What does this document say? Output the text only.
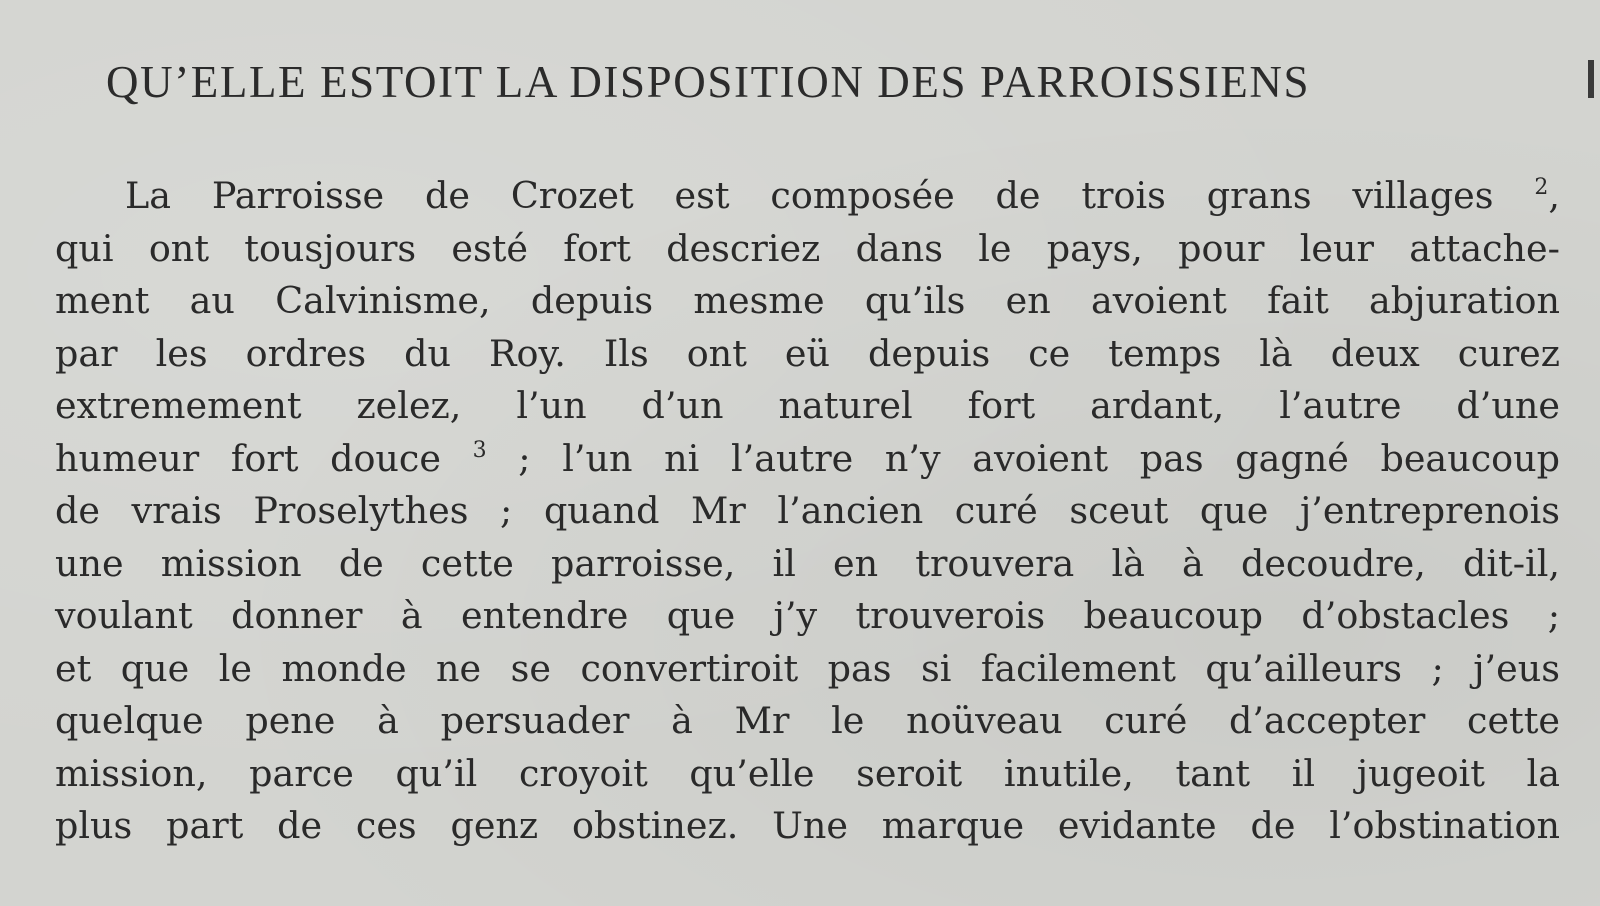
QU’ELLE ESTOIT LA DISPOSITION DES PARROISSIENS
La Parroisse de Crozet est composée de trois grans villages $^2$,
qui ont tousjours esté fort descriez dans le pays, pour leur attache-
ment au Calvinisme, depuis mesme qu’ils en avoient fait abjuration
par les ordres du Roy. Ils ont eü depuis ce temps là deux curez
extremement zelez, l’un d’un naturel fort ardant, l’autre d’une
humeur fort douce $^3$ ; l’un ni l’autre n’y avoient pas gagné beaucoup
de vrais Proselythes ; quand Mr l’ancien curé sceut que j’entreprenois
une mission de cette parroisse, il en trouvera là à decoudre, dit-il,
voulant donner à entendre que j’y trouverois beaucoup d’obstacles ;
et que le monde ne se convertiroit pas si facilement qu’ailleurs ; j’eus
quelque pene à persuader à Mr le noüveau curé d’accepter cette
mission, parce qu’il croyoit qu’elle seroit inutile, tant il jugeoit la
plus part de ces genz obstinez. Une marque evidante de l’obstination
